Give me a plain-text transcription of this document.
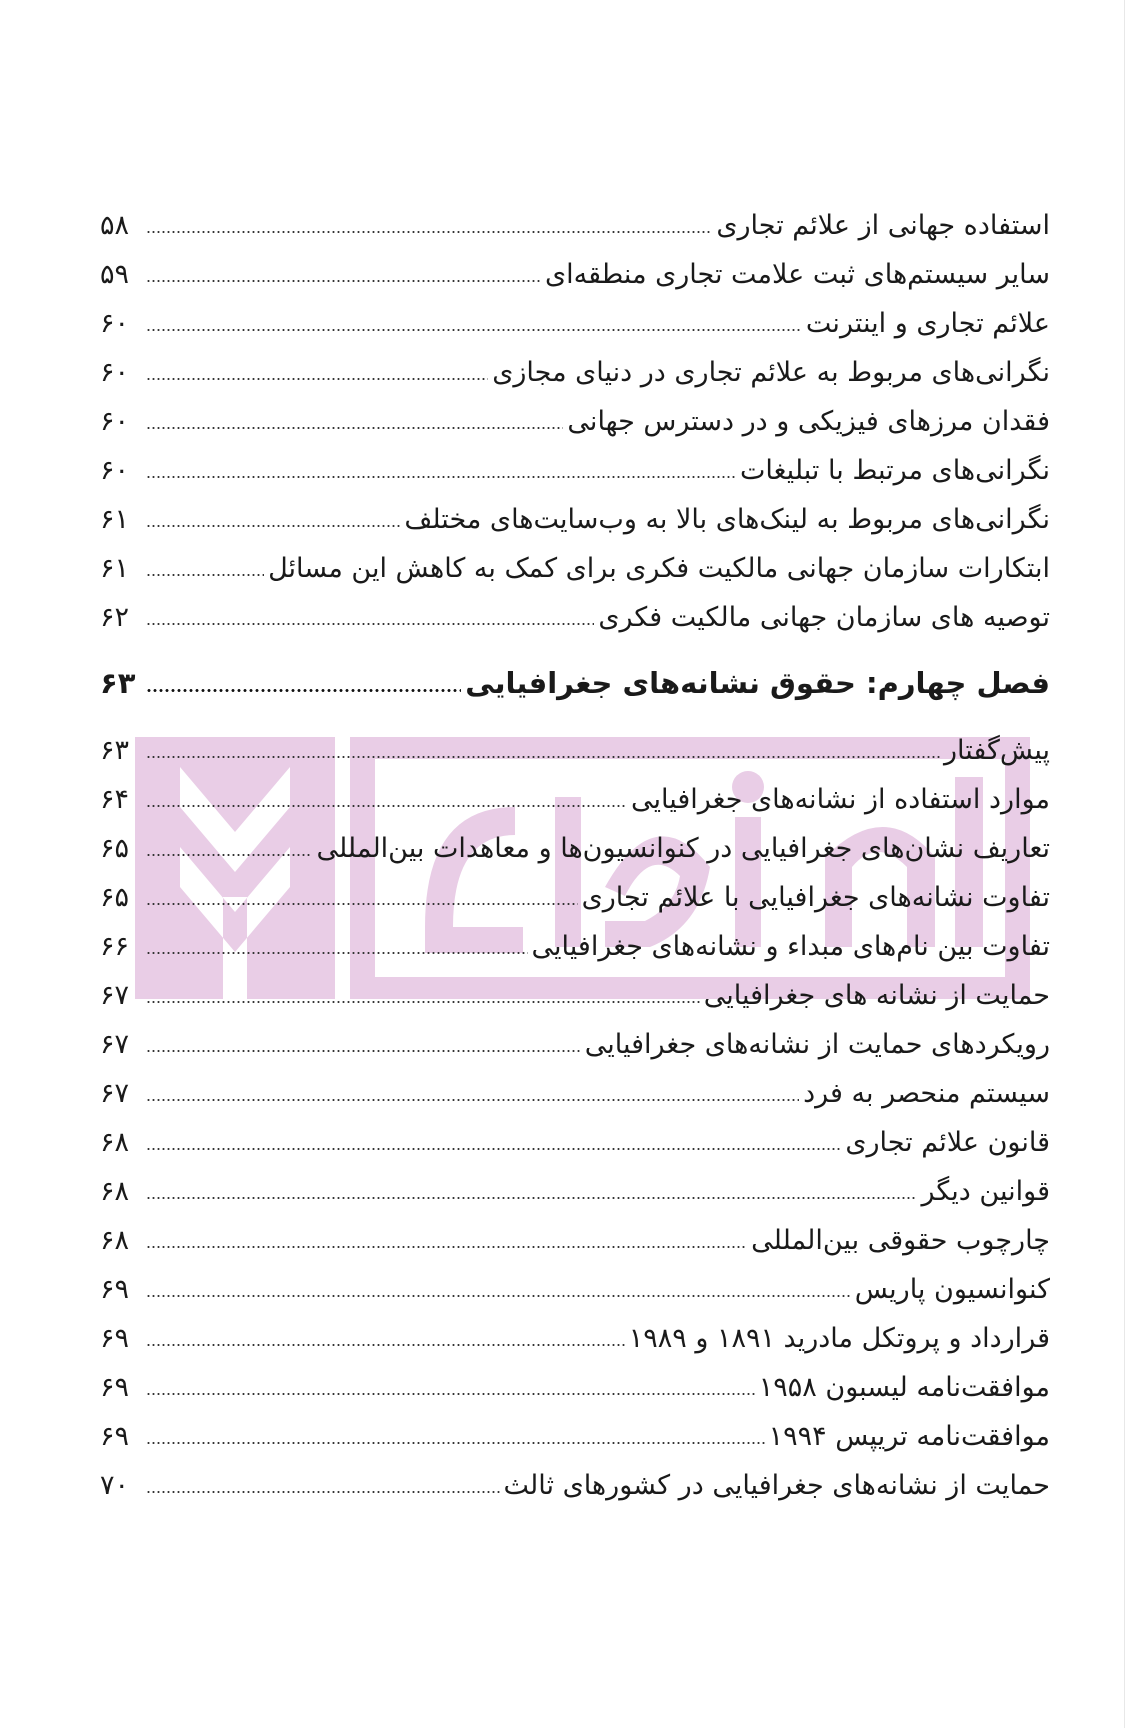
استفاده جهانی از علائم تجاری
۵۸
سایر سیستم‌های ثبت علامت تجاری منطقه‌ای
۵۹
علائم تجاری و اینترنت
۶۰
نگرانی‌های مربوط به علائم تجاری در دنیای مجازی
۶۰
فقدان مرزهای فیزیکی و در دسترس جهانی
۶۰
نگرانی‌های مرتبط با تبلیغات
۶۰
نگرانی‌های مربوط به لینک‌های بالا به وب‌سایت‌های مختلف
۶۱
ابتکارات سازمان جهانی مالکیت فکری برای کمک به کاهش این مسائل
۶۱
توصیه های سازمان جهانی مالکیت فکری
۶۲
فصل چهارم: حقوق نشانه‌های جغرافیایی
۶۳
پیش‌گفتار
۶۳
موارد استفاده از نشانه‌های جغرافیایی
۶۴
تعاریف نشان‌های جغرافیایی در کنوانسیون‌ها و معاهدات بین‌المللی
۶۵
تفاوت نشانه‌های جغرافیایی با علائم تجاری
۶۵
تفاوت بین نام‌های مبداء و نشانه‌های جغرافیایی
۶۶
حمایت از نشانه های جغرافیایی
۶۷
رویکردهای حمایت از نشانه‌های جغرافیایی
۶۷
سیستم منحصر به فرد
۶۷
قانون علائم تجاری
۶۸
قوانین دیگر
۶۸
چارچوب حقوقی بین‌المللی
۶۸
کنوانسیون پاریس
۶۹
قرارداد و پروتکل مادرید ۱۸۹۱ و ۱۹۸۹
۶۹
موافقت‌نامه لیسبون ۱۹۵۸
۶۹
موافقت‌نامه تریپس ۱۹۹۴
۶۹
حمایت از نشانه‌های جغرافیایی در کشورهای ثالث
۷۰
